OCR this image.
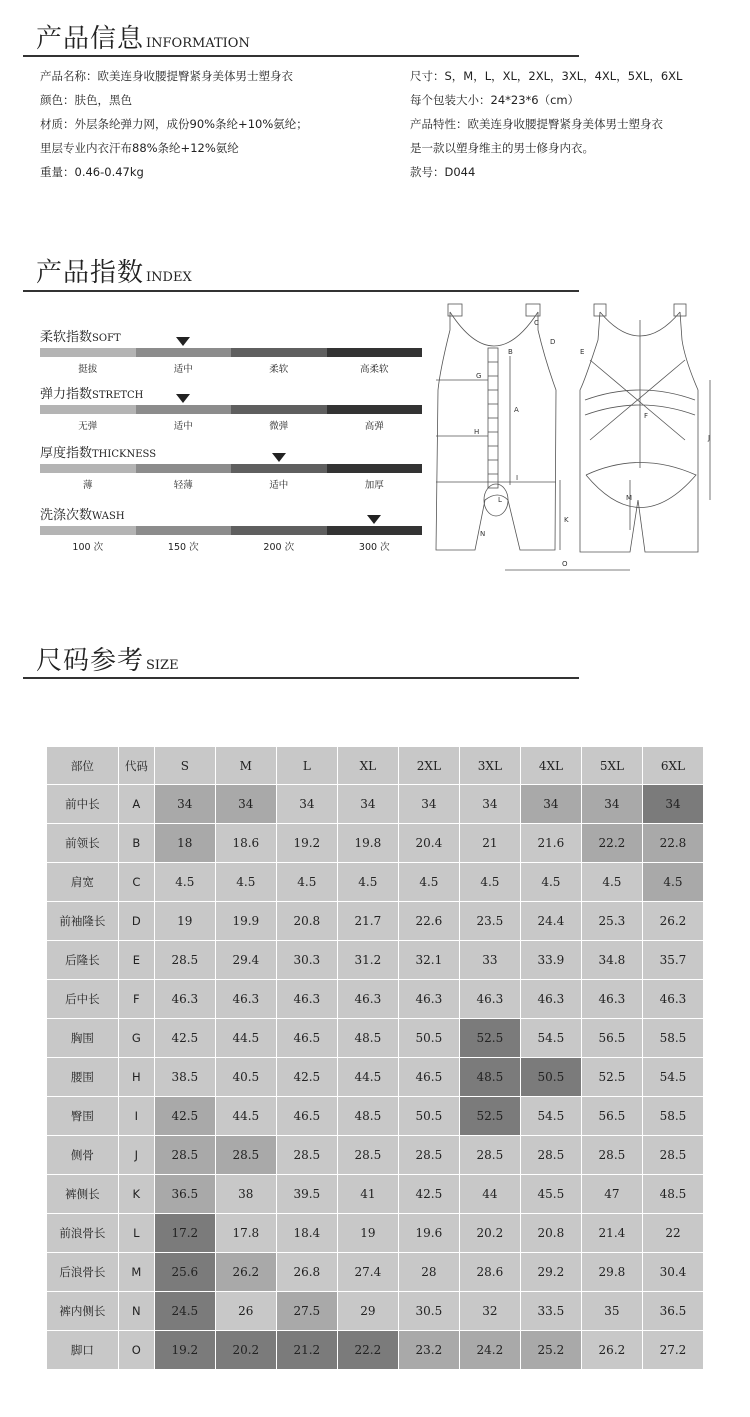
产品信息 INFORMATION
产品名称：欧美连身收腰提臀紧身美体男士塑身衣
颜色：肤色，黑色
材质：外层条纶弹力网，成份90%条纶+10%氨纶；
里层专业内衣汗布88%条纶+12%氨纶
重量：0.46-0.47kg
尺寸：S，M，L，XL，2XL，3XL，4XL，5XL，6XL
每个包装大小：24*23*6（cm）
产品特性：欧美连身收腰提臀紧身美体男士塑身衣
是一款以塑身维主的男士修身内衣。
款号：D044
产品指数 INDEX
柔软指数SOFT
挺拔	适中	柔软	高柔软
弹力指数STRETCH
无弹	适中	微弹	高弹
厚度指数THICKNESS
薄	轻薄	适中	加厚
洗涤次数WASH
100 次	150 次	200 次	300 次
B
A
C
D
E
F
G
H
I
J
K
L	M
N
O
尺码参考 SIZE
部位	代码	S	M	L	XL	2XL	3XL	4XL	5XL	6XL
前中长	A	34	34	34	34	34	34	34	34	34
前领长	B	18	18.6	19.2	19.8	20.4	21	21.6	22.2	22.8
肩宽	C	4.5	4.5	4.5	4.5	4.5	4.5	4.5	4.5	4.5
前袖隆长	D	19	19.9	20.8	21.7	22.6	23.5	24.4	25.3	26.2
后隆长	E	28.5	29.4	30.3	31.2	32.1	33	33.9	34.8	35.7
后中长	F	46.3	46.3	46.3	46.3	46.3	46.3	46.3	46.3	46.3
胸围	G	42.5	44.5	46.5	48.5	50.5	52.5	54.5	56.5	58.5
腰围	H	38.5	40.5	42.5	44.5	46.5	48.5	50.5	52.5	54.5
臀围	I	42.5	44.5	46.5	48.5	50.5	52.5	54.5	56.5	58.5
侧骨	J	28.5	28.5	28.5	28.5	28.5	28.5	28.5	28.5	28.5
裤侧长	K	36.5	38	39.5	41	42.5	44	45.5	47	48.5
前浪骨长	L	17.2	17.8	18.4	19	19.6	20.2	20.8	21.4	22
后浪骨长	M	25.6	26.2	26.8	27.4	28	28.6	29.2	29.8	30.4
裤内侧长	N	24.5	26	27.5	29	30.5	32	33.5	35	36.5
脚口	O	19.2	20.2	21.2	22.2	23.2	24.2	25.2	26.2	27.2
